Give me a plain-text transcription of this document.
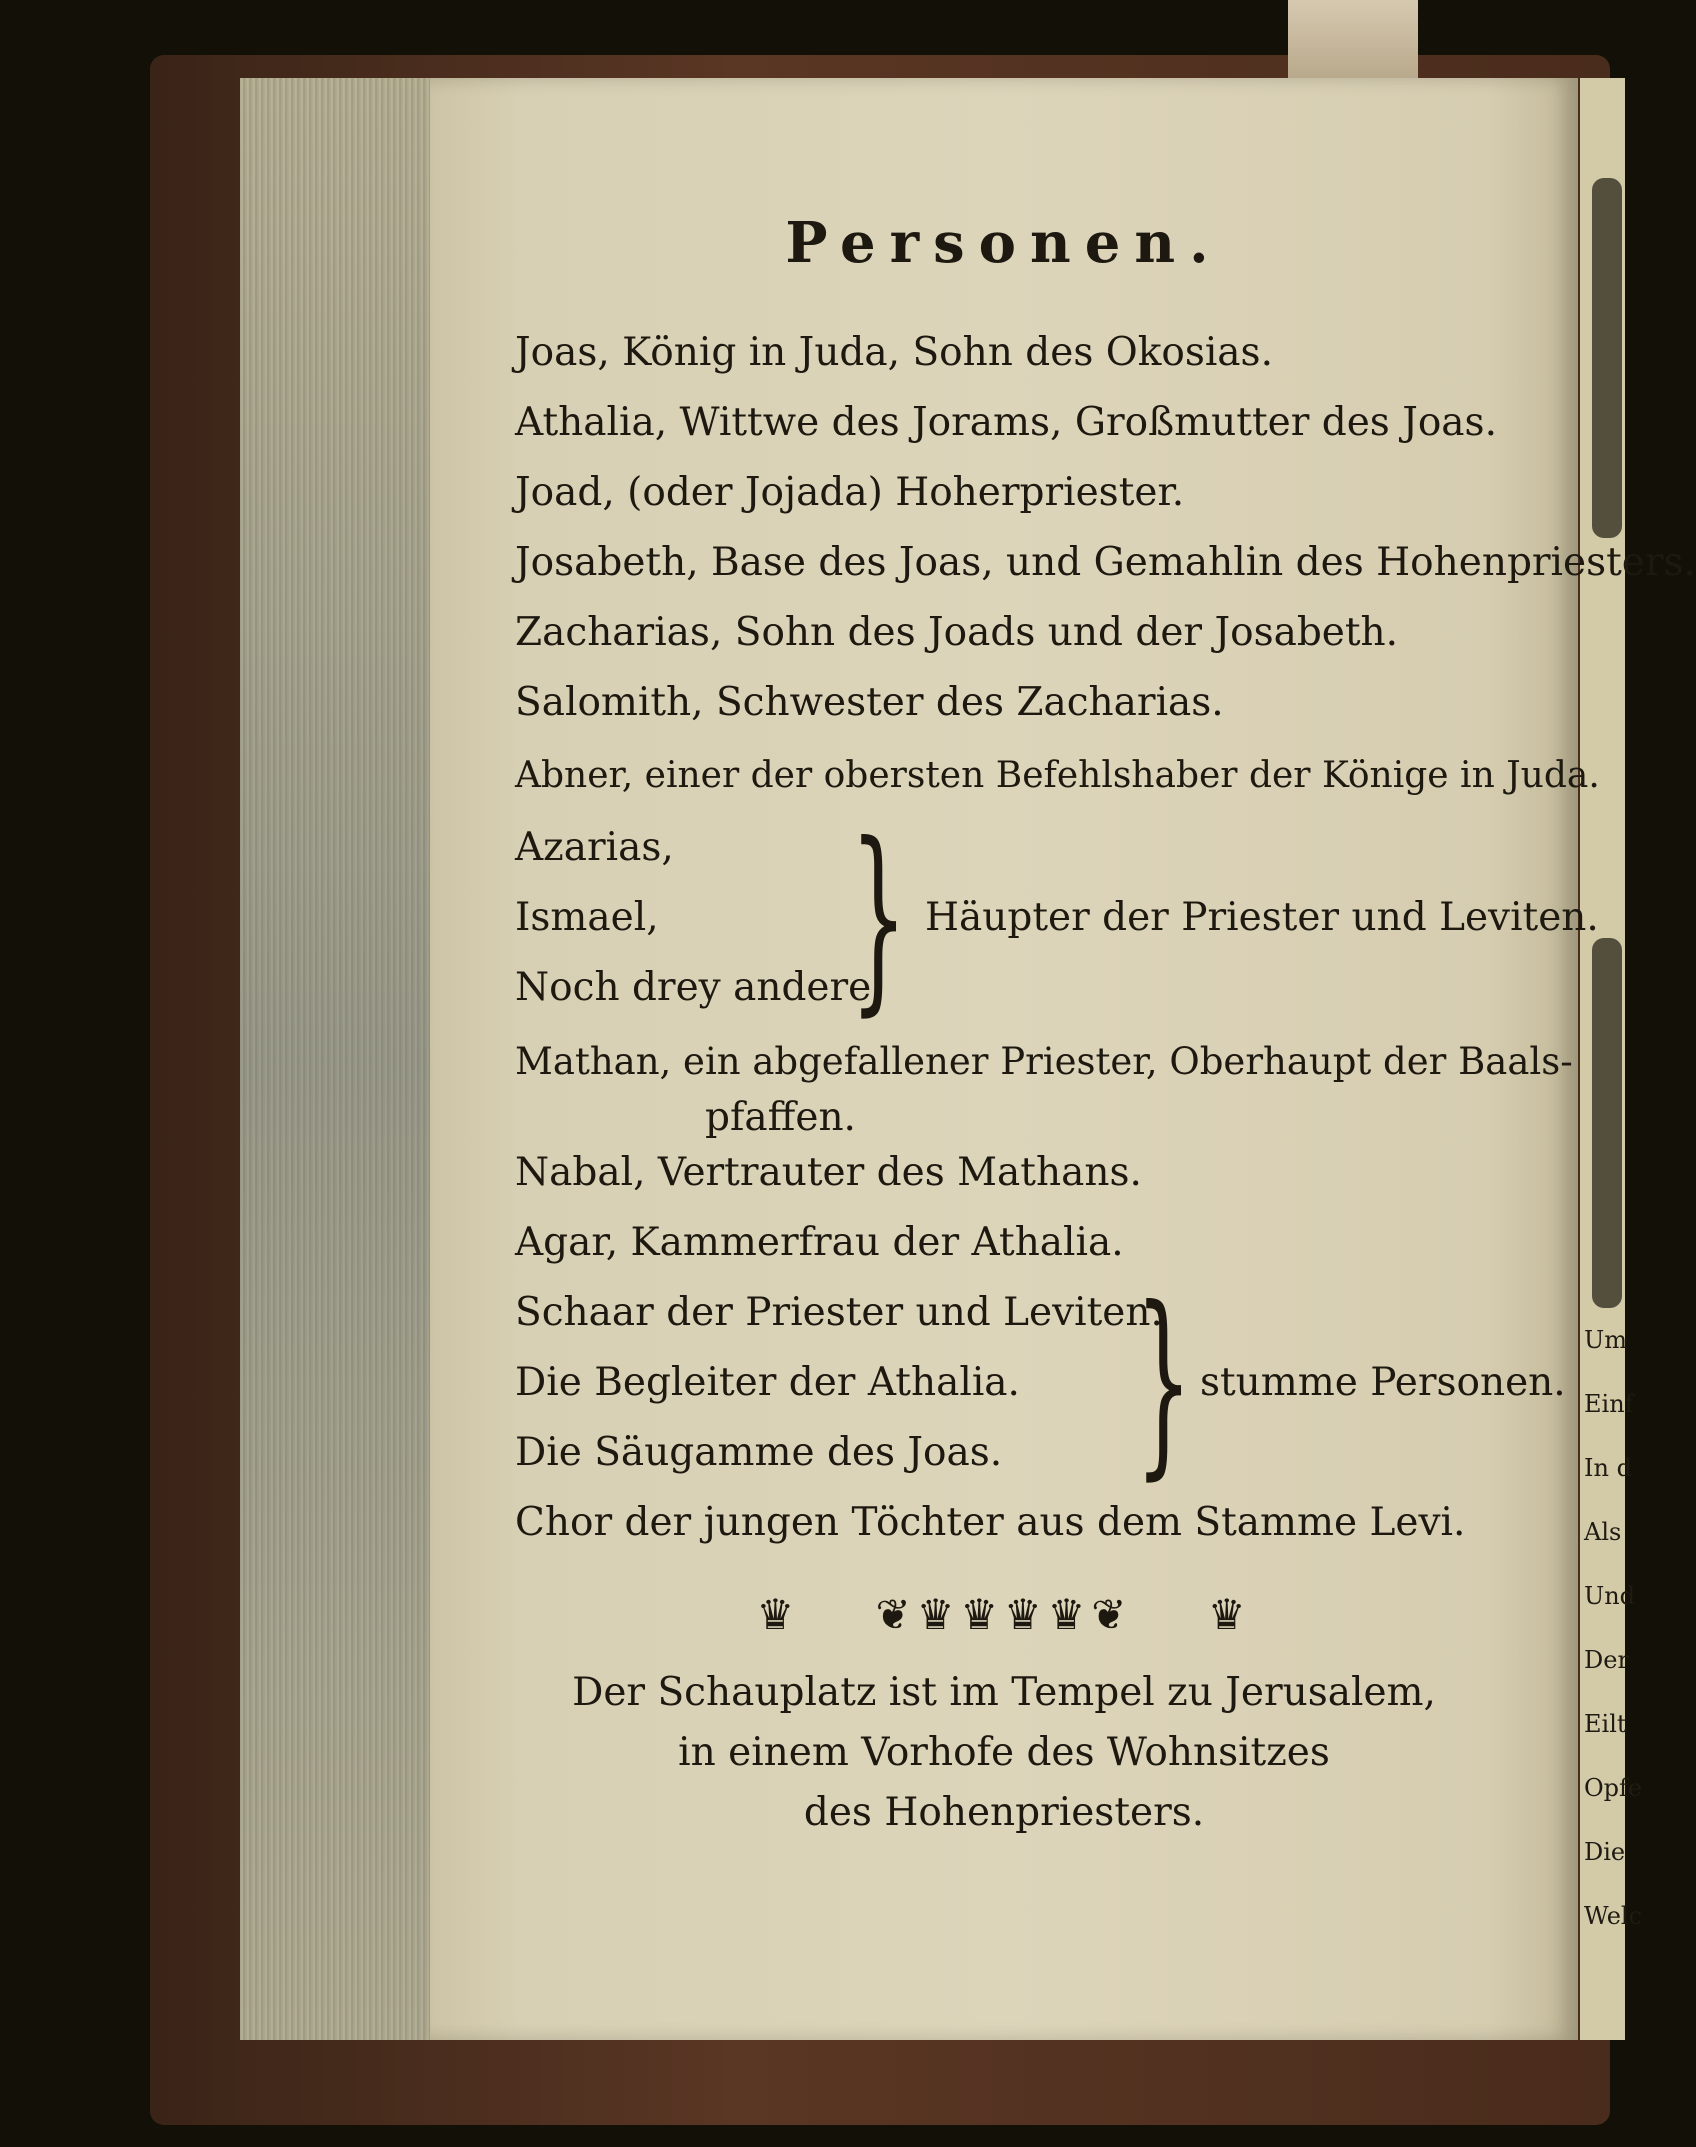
Um
Einf
In d
Als
Und
Der
Eilt
Opfe
Die
Welc
Personen.
Joas, König in Juda, Sohn des Okosias.
Athalia, Wittwe des Jorams, Großmutter des Joas.
Joad, (oder Jojada) Hoherpriester.
Josabeth, Base des Joas, und Gemahlin des Hohenpriesters.
Zacharias, Sohn des Joads und der Josabeth.
Salomith, Schwester des Zacharias.
Abner, einer der obersten Befehlshaber der Könige in Juda.
Azarias,
Ismael,
Noch drey andere
} Häupter der Priester und Leviten.
Mathan, ein abgefallener Priester, Oberhaupt der Baals-
pfaffen.
Nabal, Vertrauter des Mathans.
Agar, Kammerfrau der Athalia.
Schaar der Priester und Leviten.
Die Begleiter der Athalia.
Die Säugamme des Joas. } stumme Personen.
Chor der jungen Töchter aus dem Stamme Levi.
♛ ❦♛♛♛♛❦ ♛
Der Schauplatz ist im Tempel zu Jerusalem,
in einem Vorhofe des Wohnsitzes
des Hohenpriesters.
